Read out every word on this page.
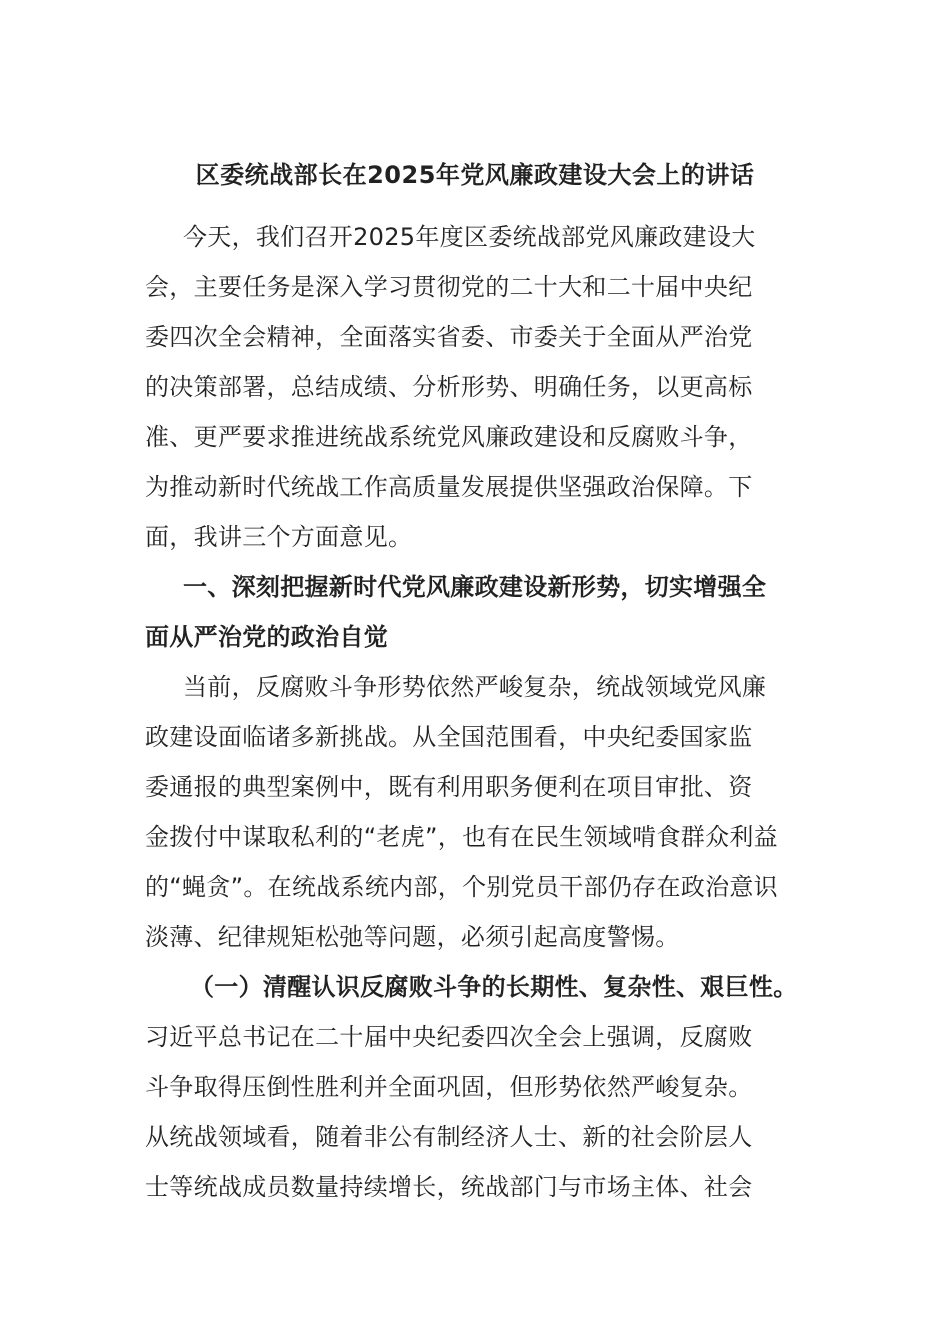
区委统战部长在2025年党风廉政建设大会上的讲话
今天，我们召开2025年度区委统战部党风廉政建设大
会，主要任务是深入学习贯彻党的二十大和二十届中央纪
委四次全会精神，全面落实省委、市委关于全面从严治党
的决策部署，总结成绩、分析形势、明确任务，以更高标
准、更严要求推进统战系统党风廉政建设和反腐败斗争，
为推动新时代统战工作高质量发展提供坚强政治保障。下
面，我讲三个方面意见。
一、深刻把握新时代党风廉政建设新形势，切实增强全
面从严治党的政治自觉
当前，反腐败斗争形势依然严峻复杂，统战领域党风廉
政建设面临诸多新挑战。从全国范围看，中央纪委国家监
委通报的典型案例中，既有利用职务便利在项目审批、资
金拨付中谋取私利的“老虎”，也有在民生领域啃食群众利益
的“蝇贪”。在统战系统内部，个别党员干部仍存在政治意识
淡薄、纪律规矩松弛等问题，必须引起高度警惕。
（一）清醒认识反腐败斗争的长期性、复杂性、艰巨性。
习近平总书记在二十届中央纪委四次全会上强调，反腐败
斗争取得压倒性胜利并全面巩固，但形势依然严峻复杂。
从统战领域看，随着非公有制经济人士、新的社会阶层人
士等统战成员数量持续增长，统战部门与市场主体、社会
